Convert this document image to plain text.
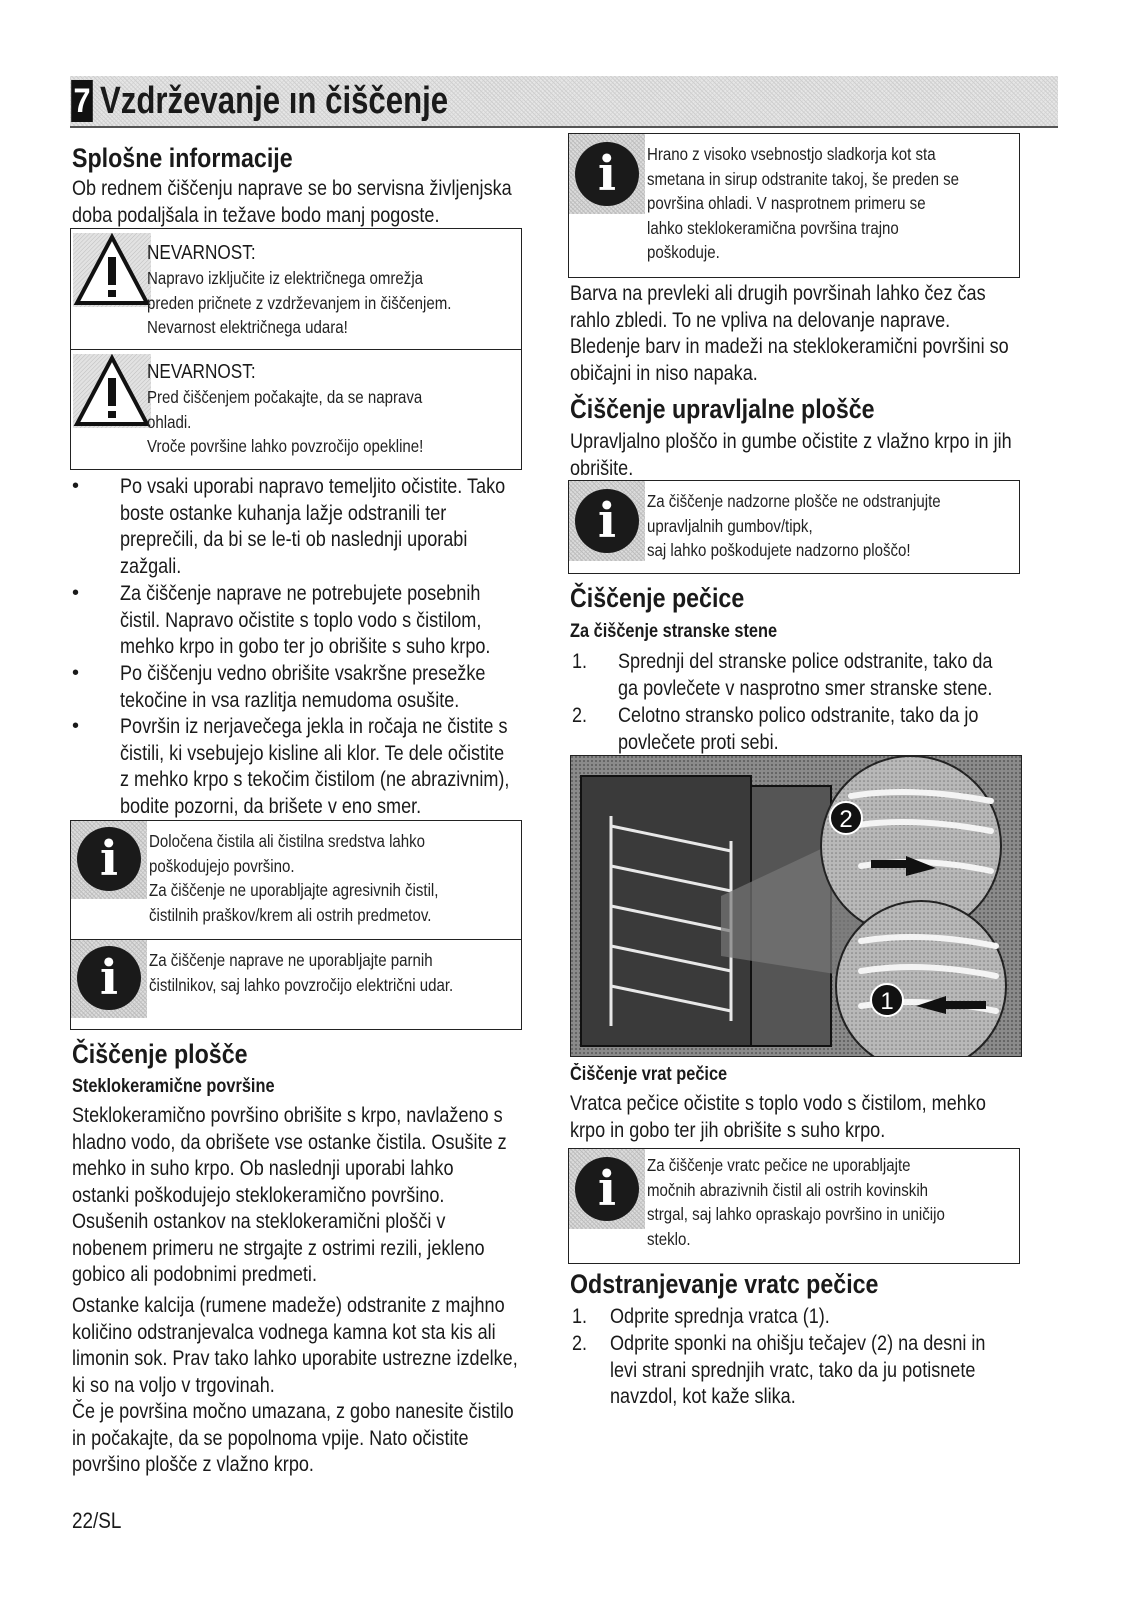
7 Vzdrževanje ın čiščenje
Splošne informacije
Ob rednem čiščenju naprave se bo servisna življenjska
doba podaljšala in težave bodo manj pogoste.
NEVARNOST:
Napravo izključite iz električnega omrežja
preden pričnete z vzdrževanjem in čiščenjem.
Nevarnost električnega udara!
NEVARNOST:
Pred čiščenjem počakajte, da se naprava
ohladi.
Vroče površine lahko povzročijo opekline!
• Po vsaki uporabi napravo temeljito očistite. Tako
boste ostanke kuhanja lažje odstranili ter
preprečili, da bi se le-ti ob naslednji uporabi
zažgali.
• Za čiščenje naprave ne potrebujete posebnih
čistil. Napravo očistite s toplo vodo s čistilom,
mehko krpo in gobo ter jo obrišite s suho krpo.
• Po čiščenju vedno obrišite vsakršne presežke
tekočine in vsa razlitja nemudoma osušite.
• Površin iz nerjavečega jekla in ročaja ne čistite s
čistili, ki vsebujejo kisline ali klor. Te dele očistite
z mehko krpo s tekočim čistilom (ne abrazivnim),
bodite pozorni, da brišete v eno smer.
i	Določena čistila ali čistilna sredstva lahko
poškodujejo površino.
Za čiščenje ne uporabljajte agresivnih čistil,
čistilnih praškov/krem ali ostrih predmetov.
i	Za čiščenje naprave ne uporabljajte parnih
čistilnikov, saj lahko povzročijo električni udar.
Čiščenje plošče
Steklokeramične površine
Steklokeramično površino obrišite s krpo, navlaženo s
hladno vodo, da obrišete vse ostanke čistila. Osušite z
mehko in suho krpo. Ob naslednji uporabi lahko
ostanki poškodujejo steklokeramično površino.
Osušenih ostankov na steklokeramični plošči v
nobenem primeru ne strgajte z ostrimi rezili, jekleno
gobico ali podobnimi predmeti.
Ostanke kalcija (rumene madeže) odstranite z majhno
količino odstranjevalca vodnega kamna kot sta kis ali
limonin sok. Prav tako lahko uporabite ustrezne izdelke,
ki so na voljo v trgovinah.
Če je površina močno umazana, z gobo nanesite čistilo
in počakajte, da se popolnoma vpije. Nato očistite
površino plošče z vlažno krpo.
i	Hrano z visoko vsebnostjo sladkorja kot sta
smetana in sirup odstranite takoj, še preden se
površina ohladi. V nasprotnem primeru se
lahko steklokeramična površina trajno
poškoduje.
Barva na prevleki ali drugih površinah lahko čez čas
rahlo zbledi. To ne vpliva na delovanje naprave.
Bledenje barv in madeži na steklokeramični površini so
običajni in niso napaka.
Čiščenje upravljalne plošče
Upravljalno ploščo in gumbe očistite z vlažno krpo in jih
obrišite.
i	Za čiščenje nadzorne plošče ne odstranjujte
upravljalnih gumbov/tipk,
saj lahko poškodujete nadzorno ploščo!
Čiščenje pečice
Za čiščenje stranske stene
1. Sprednji del stranske police odstranite, tako da
ga povlečete v nasprotno smer stranske stene.
2. Celotno stransko polico odstranite, tako da jo
povlečete proti sebi.
2
1
Čiščenje vrat pečice
Vratca pečice očistite s toplo vodo s čistilom, mehko
krpo in gobo ter jih obrišite s suho krpo.
i	Za čiščenje vratc pečice ne uporabljajte
močnih abrazivnih čistil ali ostrih kovinskih
strgal, saj lahko opraskajo površino in uničijo
steklo.
Odstranjevanje vratc pečice
1. Odprite sprednja vratca (1).
2. Odprite sponki na ohišju tečajev (2) na desni in
levi strani sprednjih vratc, tako da ju potisnete
navzdol, kot kaže slika.
22/SL
